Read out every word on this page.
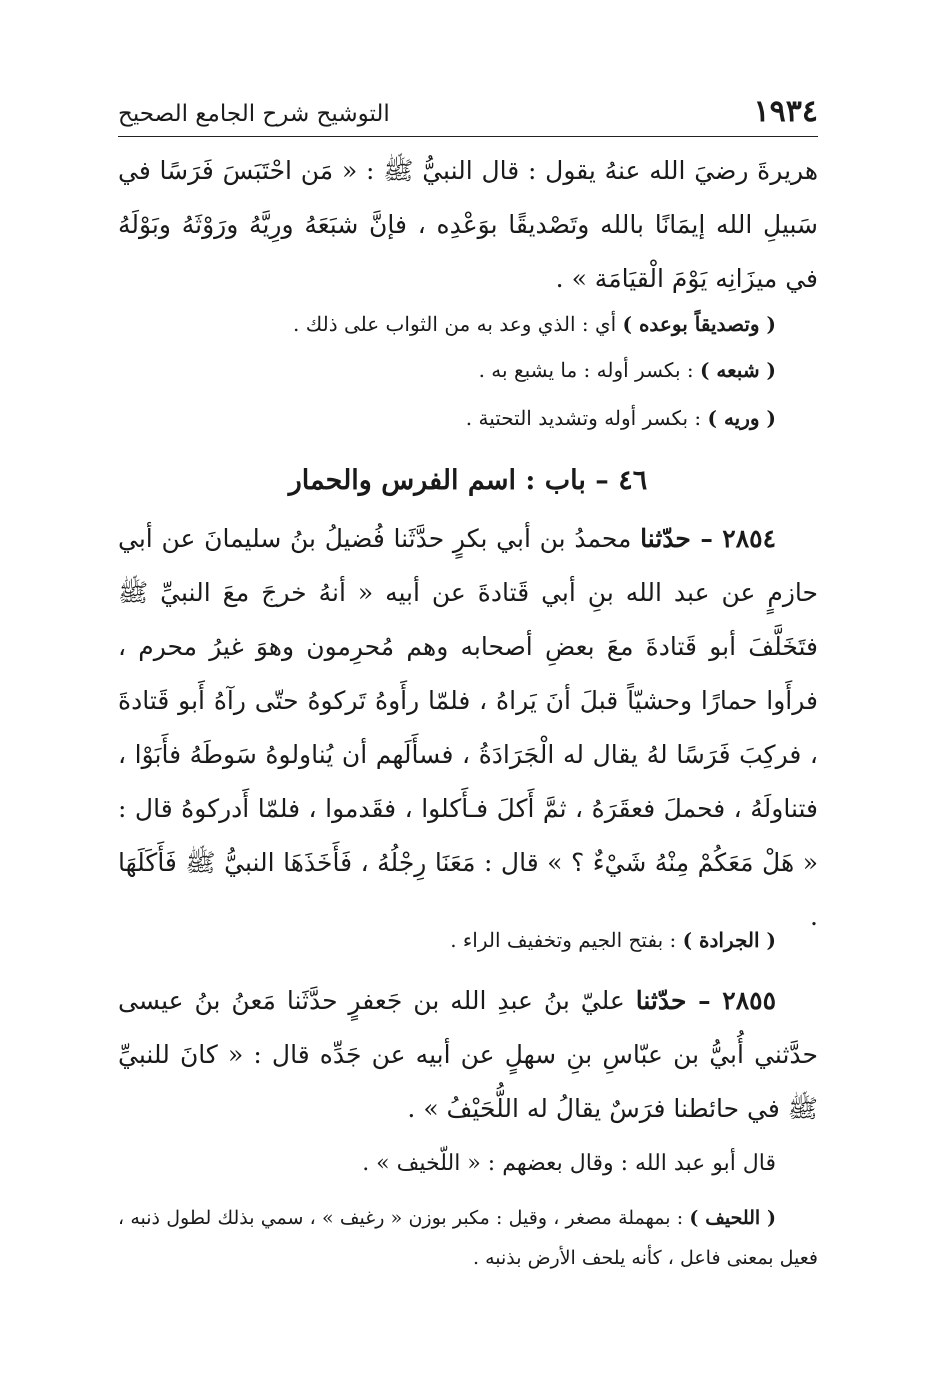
١٩٣٤
التوشيح شرح الجامع الصحيح
هريرةَ رضيَ الله عنهُ يقول : قال النبيُّ ﷺ : « مَن احْتَبَسَ فَرَسًا في سَبيلِ الله إيمَانًا بالله وتَصْديقًا بوَعْدِه ، فإنَّ شبَعَهُ ورِيَّهُ ورَوْثَهُ وبَوْلَهُ في ميزَانِه يَوْمَ الْقيَامَة » .
( وتصديقاً بوعده ) أي : الذي وعد به من الثواب على ذلك .
( شبعه ) : بكسر أوله : ما يشبع به .
( وريه ) : بكسر أوله وتشديد التحتية .
٤٦ – باب : اسم الفرس والحمار
٢٨٥٤ – حدّثنا محمدُ بن أبي بكرٍ حدَّثَنا فُضيلُ بنُ سليمانَ عن أبي حازمٍ عن عبد الله بنِ أبي قَتادةَ عن أبيه « أنهُ خرجَ معَ النبيِّ ﷺ فتَخَلَّفَ أبو قَتادةَ معَ بعضِ أصحابه وهم مُحرِمون وهوَ غيرُ محرم ، فرأَوا حمارًا وحشيّاً قبلَ أنَ يَراهُ ، فلمّا رأَوهُ تَركوهُ حتّى رآهُ أَبو قَتادةَ ، فركِبَ فَرَسًا لهُ يقال له الْجَرَادَةُ ، فسأَلَهم أن يُناولوهُ سَوطَهُ فأَبَوْا ، فتناولَهُ ، فحملَ فعقَرَهُ ، ثمَّ أَكلَ فـأَكلوا ، فقَدموا ، فلمّا أَدركوهُ قال : « هَلْ مَعَكُمْ مِنْهُ شَيْءٌ ؟ » قال : مَعَنَا رِجْلُهُ ، فَأَخَذَهَا النبيُّ ﷺ فَأَكَلَهَا .
( الجرادة ) : بفتح الجيم وتخفيف الراء .
٢٨٥٥ – حدّثنا عليّ بنُ عبدِ الله بن جَعفرٍ حدَّثَنا مَعنُ بنُ عيسى حدَّثني أُبيُّ بن عبّاسِ بنِ سهلٍ عن أبيه عن جَدِّه قال : « كانَ للنبيِّ ﷺ في حائطنا فرَسٌ يقالُ له اللُّحَيْفُ » .
قال أبو عبد الله : وقال بعضهم : « اللّخيف » .
( اللحيف ) : بمهملة مصغر ، وقيل : مكبر بوزن « رغيف » ، سمي بذلك لطول ذنبه ، فعيل بمعنى فاعل ، كأنه يلحف الأرض بذنبه .
